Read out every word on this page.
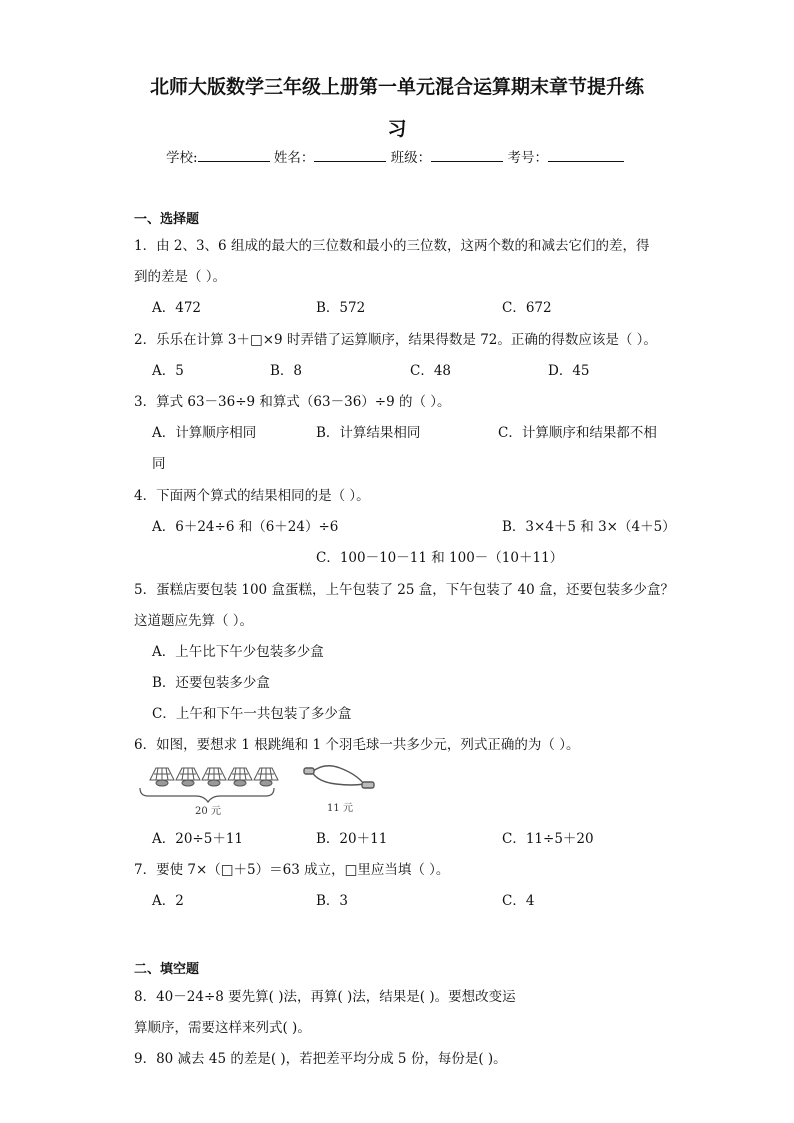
北师大版数学三年级上册第一单元混合运算期末章节提升练
习
学校:	姓名：	班级：	考号：
一、选择题
1．由 2、3、6 组成的最大的三位数和最小的三位数，这两个数的和减去它们的差，得
到的差是（ ）。
A．472	B．572	C．672
2．乐乐在计算 3＋□×9 时弄错了运算顺序，结果得数是 72。正确的得数应该是（ ）。
A．5	B．8	C．48	D．45
3．算式 63－36÷9 和算式（63－36）÷9 的（ ）。
A．计算顺序相同	B．计算结果相同	C．计算顺序和结果都不相
同
4．下面两个算式的结果相同的是（ ）。
A．6＋24÷6 和（6＋24）÷6	B．3×4＋5 和 3×（4＋5）
C．100－10－11 和 100－（10＋11）
5．蛋糕店要包装 100 盒蛋糕，上午包装了 25 盒，下午包装了 40 盒，还要包装多少盒？
这道题应先算（ ）。
A．上午比下午少包装多少盒
B．还要包装多少盒
C．上午和下午一共包装了多少盒
6．如图，要想求 1 根跳绳和 1 个羽毛球一共多少元，列式正确的为（ ）。
20 元	11 元
A．20÷5＋11	B．20＋11	C．11÷5＋20
7．要使 7×（□＋5）＝63 成立，□里应当填（ ）。
A．2	B．3	C．4
二、填空题
8．40－24÷8 要先算( )法，再算( )法，结果是( )。要想改变运
算顺序，需要这样来列式( )。
9．80 减去 45 的差是( )，若把差平均分成 5 份，每份是( )。
